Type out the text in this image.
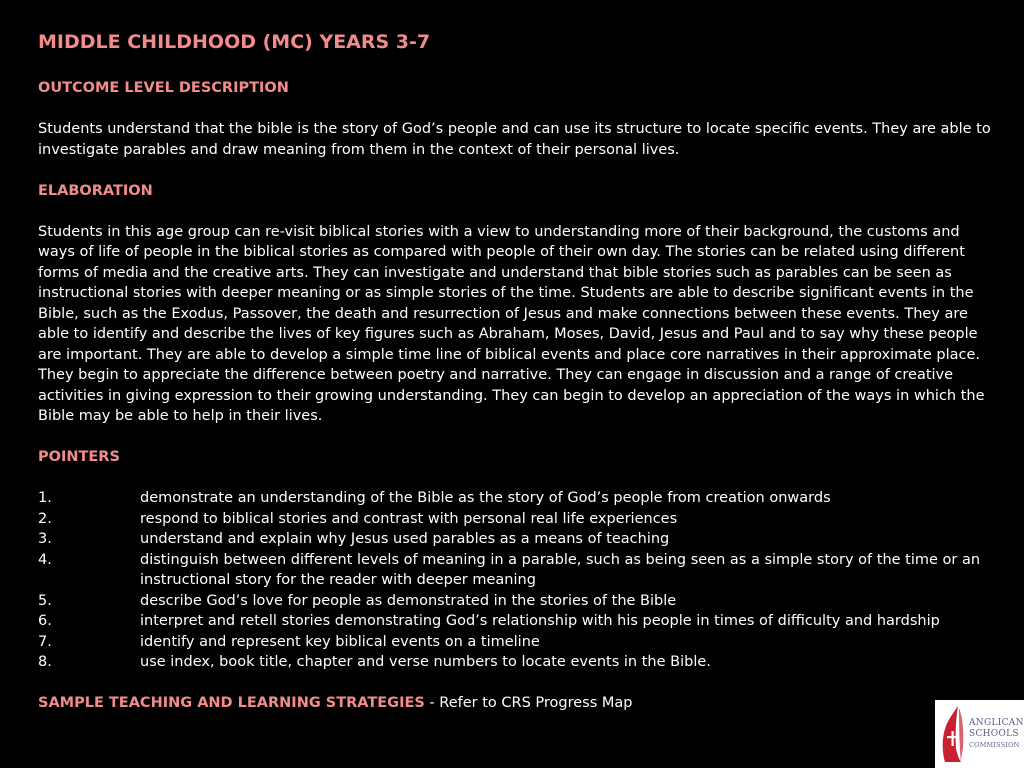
MIDDLE CHILDHOOD (MC) YEARS 3-7
OUTCOME LEVEL DESCRIPTION

Students understand that the bible is the story of God’s people and can use its structure to locate specific events. They are able to investigate parables and draw meaning from them in the context of their personal lives.

ELABORATION

Students in this age group can re-visit biblical stories with a view to understanding more of their background, the customs and ways of life of people in the biblical stories as compared with people of their own day. The stories can be related using different forms of media and the creative arts. They can investigate and understand that bible stories such as parables can be seen as instructional stories with deeper meaning or as simple stories of the time. Students are able to describe significant events in the Bible, such as the Exodus, Passover, the death and resurrection of Jesus and make connections between these events. They are able to identify and describe the lives of key figures such as Abraham, Moses, David, Jesus and Paul and to say why these people are important. They are able to develop a simple time line of biblical events and place core narratives in their approximate place. They begin to appreciate the difference between poetry and narrative. They can engage in discussion and a range of creative activities in giving expression to their growing understanding. They can begin to develop an appreciation of the ways in which the Bible may be able to help in their lives.

POINTERS
1.	demonstrate an understanding of the Bible as the story of God’s people from creation onwards
2.	respond to biblical stories and contrast with personal real life experiences
3.	understand and explain why Jesus used parables as a means of teaching
4.	distinguish between different levels of meaning in a parable, such as being seen as a simple story of the time or an instructional story for the reader with deeper meaning
5.	describe God’s love for people as demonstrated in the stories of the Bible
6.	interpret and retell stories demonstrating God’s relationship with his people in times of difficulty and hardship
7.	identify and represent key biblical events on a timeline
8.	use index, book title, chapter and verse numbers to locate events in the Bible.
SAMPLE TEACHING AND LEARNING STRATEGIES - Refer to CRS Progress Map
ANGLICAN
SCHOOLS
COMMISSION
